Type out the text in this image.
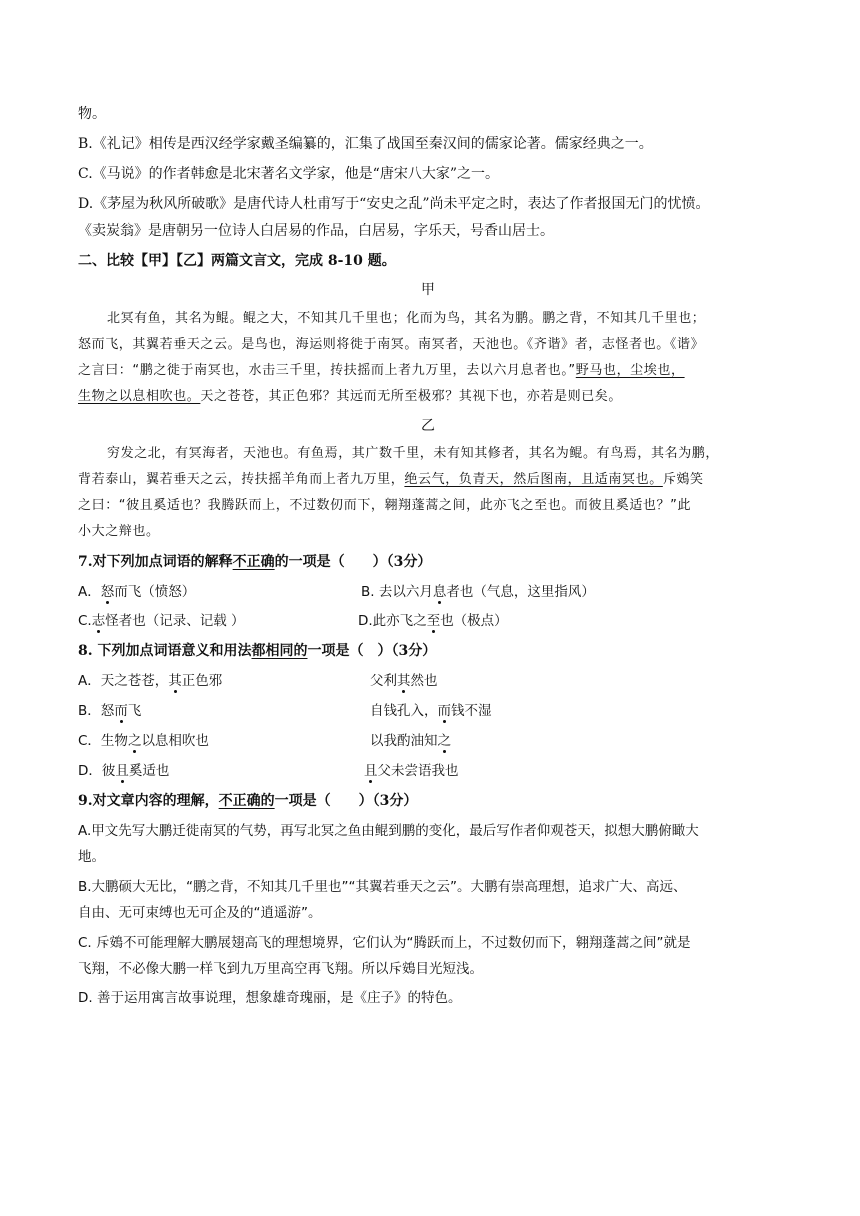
物。
B.《礼记》相传是西汉经学家戴圣编纂的，汇集了战国至秦汉间的儒家论著。儒家经典之一。
C.《马说》的作者韩愈是北宋著名文学家，他是“唐宋八大家”之一。
D.《茅屋为秋风所破歌》是唐代诗人杜甫写于“安史之乱”尚未平定之时，表达了作者报国无门的忧愤。
《卖炭翁》是唐朝另一位诗人白居易的作品，白居易，字乐天，号香山居士。
二、比较【甲】【乙】两篇文言文，完成 8-10 题。
甲
北冥有鱼，其名为鲲。鲲之大，不知其几千里也；化而为鸟，其名为鹏。鹏之背，不知其几千里也；
怒而飞，其翼若垂天之云。是鸟也，海运则将徙于南冥。南冥者，天池也。《齐谐》者，志怪者也。《谐》
之言曰：“鹏之徙于南冥也，水击三千里，抟扶摇而上者九万里，去以六月息者也。”野马也，尘埃也，
生物之以息相吹也。天之苍苍，其正色邪？其远而无所至极邪？其视下也，亦若是则已矣。
乙
穷发之北，有冥海者，天池也。有鱼焉，其广数千里，未有知其修者，其名为鲲。有鸟焉，其名为鹏，
背若泰山，翼若垂天之云，抟扶摇羊角而上者九万里，绝云气，负青天，然后图南，且适南冥也。斥鴳笑
之曰：“彼且奚适也？我腾跃而上，不过数仞而下，翱翔蓬蒿之间，此亦飞之至也。而彼且奚适也？”此
小大之辩也。
7.对下列加点词语的解释不正确的一项是（　　）（3分）
A．怒而飞（愤怒）	B. 去以六月息者也（气息，这里指风）
C.志怪者也（记录、记载 ）	D.此亦飞之至也（极点）
8. 下列加点词语意义和用法都相同的一项是（　）（3分）
A．天之苍苍，其正色邪	父利其然也
B．怒而飞	自钱孔入，而钱不湿
C．生物之以息相吹也	以我酌油知之
D．彼且奚适也	且父未尝语我也
9.对文章内容的理解，不正确的一项是（　　）（3分）
A.甲文先写大鹏迁徙南冥的气势，再写北冥之鱼由鲲到鹏的变化，最后写作者仰观苍天，拟想大鹏俯瞰大
地。
B.大鹏硕大无比，“鹏之背，不知其几千里也”“其翼若垂天之云”。大鹏有崇高理想，追求广大、高远、
自由、无可束缚也无可企及的“逍遥游”。
C. 斥鴳不可能理解大鹏展翅高飞的理想境界，它们认为“腾跃而上，不过数仞而下，翱翔蓬蒿之间”就是
飞翔，不必像大鹏一样飞到九万里高空再飞翔。所以斥鴳目光短浅。
D. 善于运用寓言故事说理，想象雄奇瑰丽，是《庄子》的特色。
